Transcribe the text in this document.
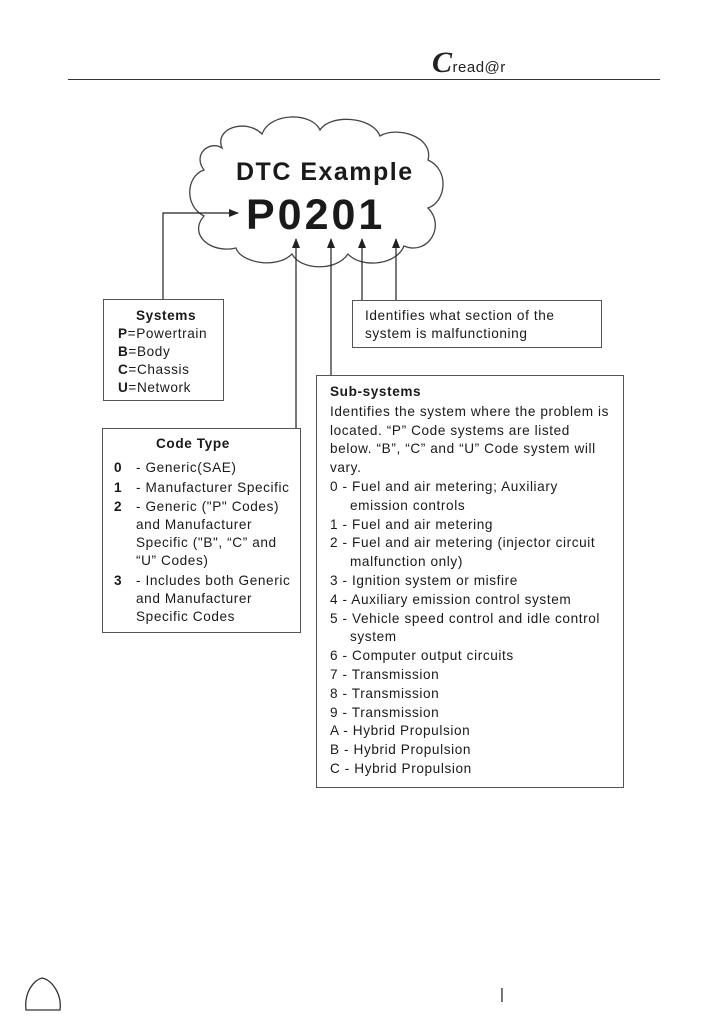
Cread@r
DTC Example
P0201
Systems
P=Powertrain
B=Body
C=Chassis
U=Network
Identifies what section of the
system is malfunctioning
Code Type
0	- Generic(SAE)
1	- Manufacturer Specific
2	- Generic ("P" Codes) and Manufacturer Specific ("B", “C” and “U” Codes)
3	- Includes both Generic and Manufacturer Specific Codes
Sub-systems
Identifies the system where the problem is located. “P” Code systems are listed below. “B”, “C” and “U” Code system will vary.
0 - Fuel and air metering; Auxiliary emission controls
1 - Fuel and air metering
2 - Fuel and air metering (injector circuit malfunction only)
3 - Ignition system or misfire
4 - Auxiliary emission control system
5 - Vehicle speed control and idle control system
6 - Computer output circuits
7 - Transmission
8 - Transmission
9 - Transmission
A - Hybrid Propulsion
B - Hybrid Propulsion
C - Hybrid Propulsion
|
